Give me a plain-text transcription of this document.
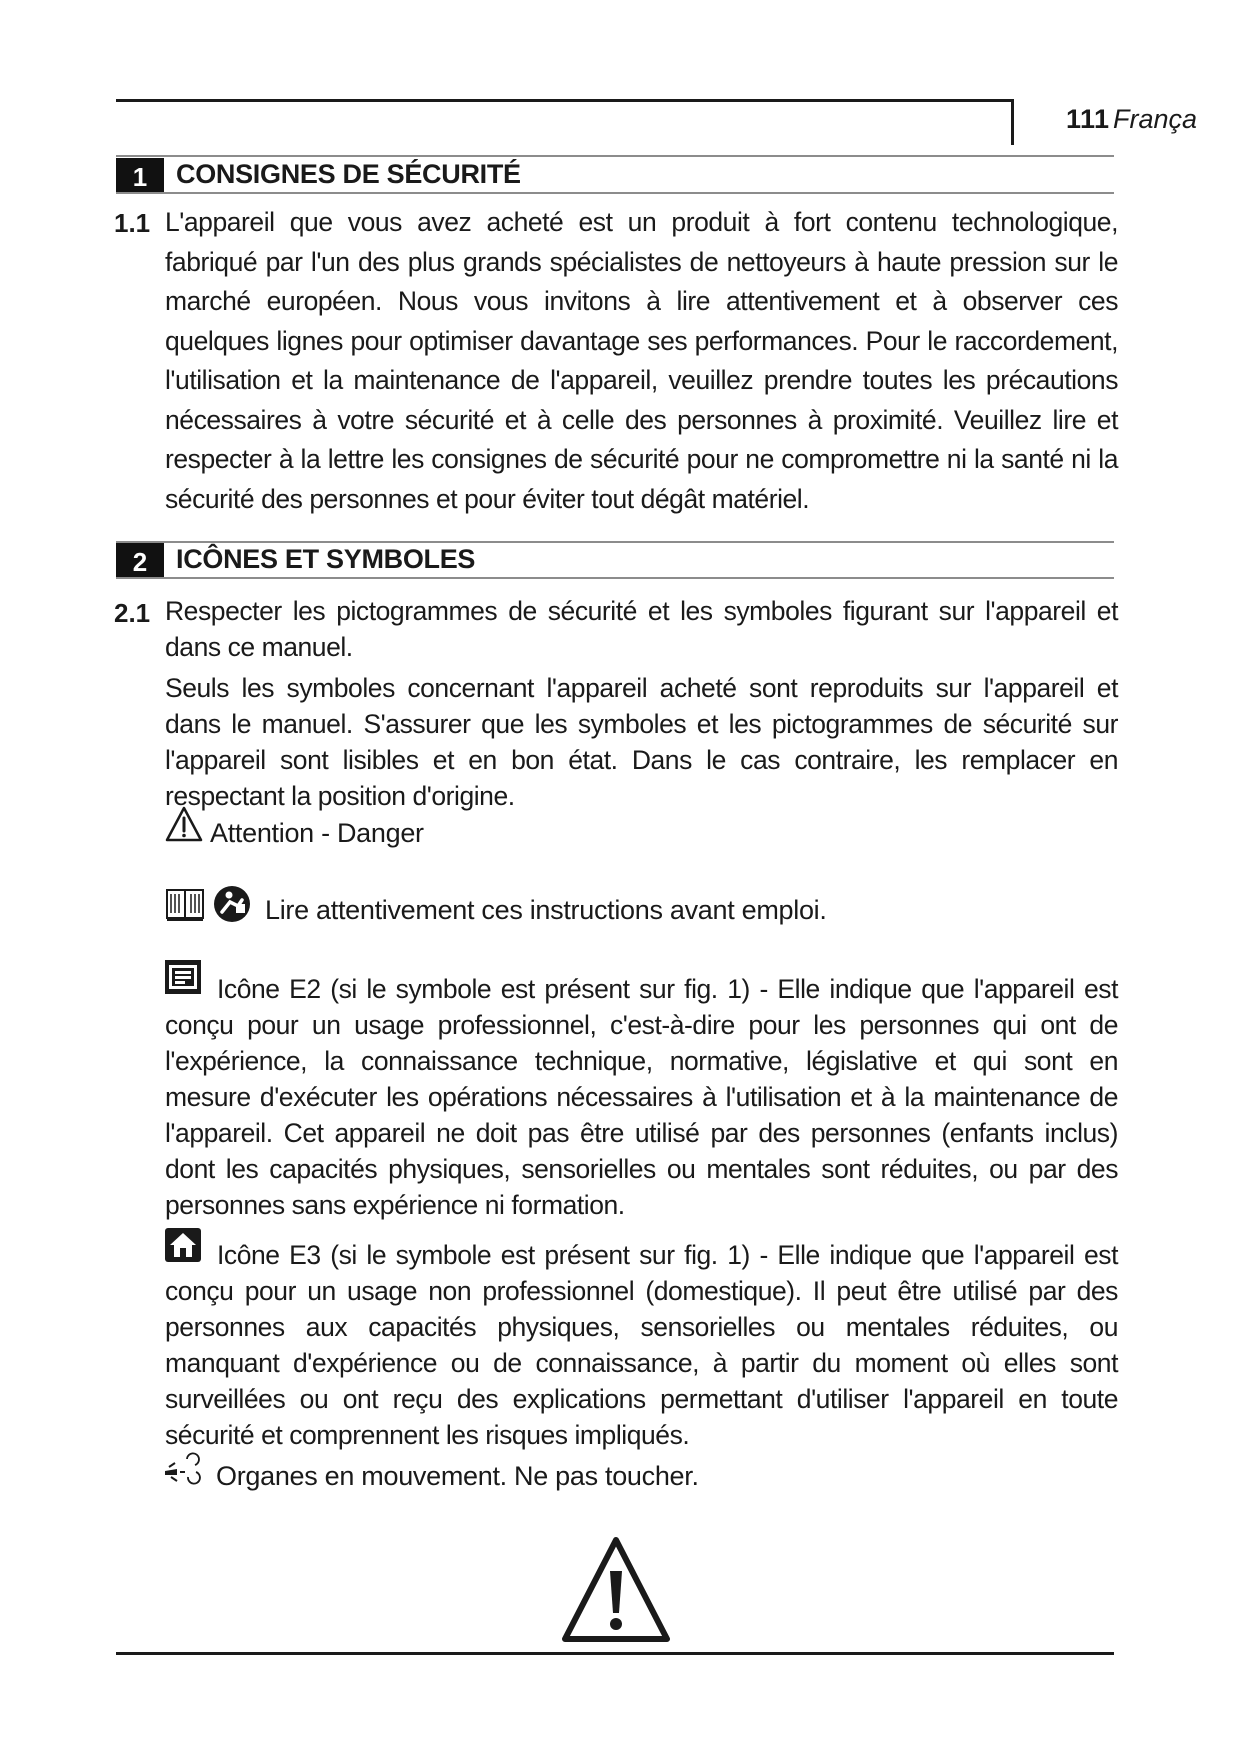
111 França
1	CONSIGNES DE SÉCURITÉ
1.1 L'appareil que vous avez acheté est un produit à fort contenu technologique, fabriqué par l'un des plus grands spécialistes de nettoyeurs à haute pression sur le marché européen. Nous vous invitons à lire attentivement et à observer ces quelques lignes pour optimiser davantage ses performances. Pour le raccordement, l'utilisation et la maintenance de l'appareil, veuillez prendre toutes les précautions nécessaires à votre sécurité et à celle des personnes à proximité. Veuillez lire et respecter à la lettre les consignes de sécurité pour ne compromettre ni la santé ni la sécurité des personnes et pour éviter tout dégât matériel.

2	ICÔNES ET SYMBOLES
2.1 Respecter les pictogrammes de sécurité et les symboles figurant sur l'appareil et dans ce manuel.

Seuls les symboles concernant l'appareil acheté sont reproduits sur l'appareil et dans le manuel. S'assurer que les symboles et les pictogrammes de sécurité sur l'appareil sont lisibles et en bon état. Dans le cas contraire, les remplacer en respectant la position d'origine.

Attention - Danger
Lire attentivement ces instructions avant emploi.

Icône E2 (si le symbole est présent sur fig. 1) - Elle indique que l'appareil est conçu pour un usage professionnel, c'est-à-dire pour les personnes qui ont de l'expérience, la connaissance technique, normative, législative et qui sont en mesure d'exécuter les opérations nécessaires à l'utilisation et à la maintenance de l'appareil. Cet appareil ne doit pas être utilisé par des personnes (enfants inclus) dont les capacités physiques, sensorielles ou mentales sont réduites, ou par des personnes sans expérience ni formation.

Icône E3 (si le symbole est présent sur fig. 1) - Elle indique que l'appareil est conçu pour un usage non professionnel (domestique). Il peut être utilisé par des personnes aux capacités physiques, sensorielles ou mentales réduites, ou manquant d'expérience ou de connaissance, à partir du moment où elles sont surveillées ou ont reçu des explications permettant d'utiliser l'appareil en toute sécurité et comprennent les risques impliqués.

Organes en mouvement. Ne pas toucher.
